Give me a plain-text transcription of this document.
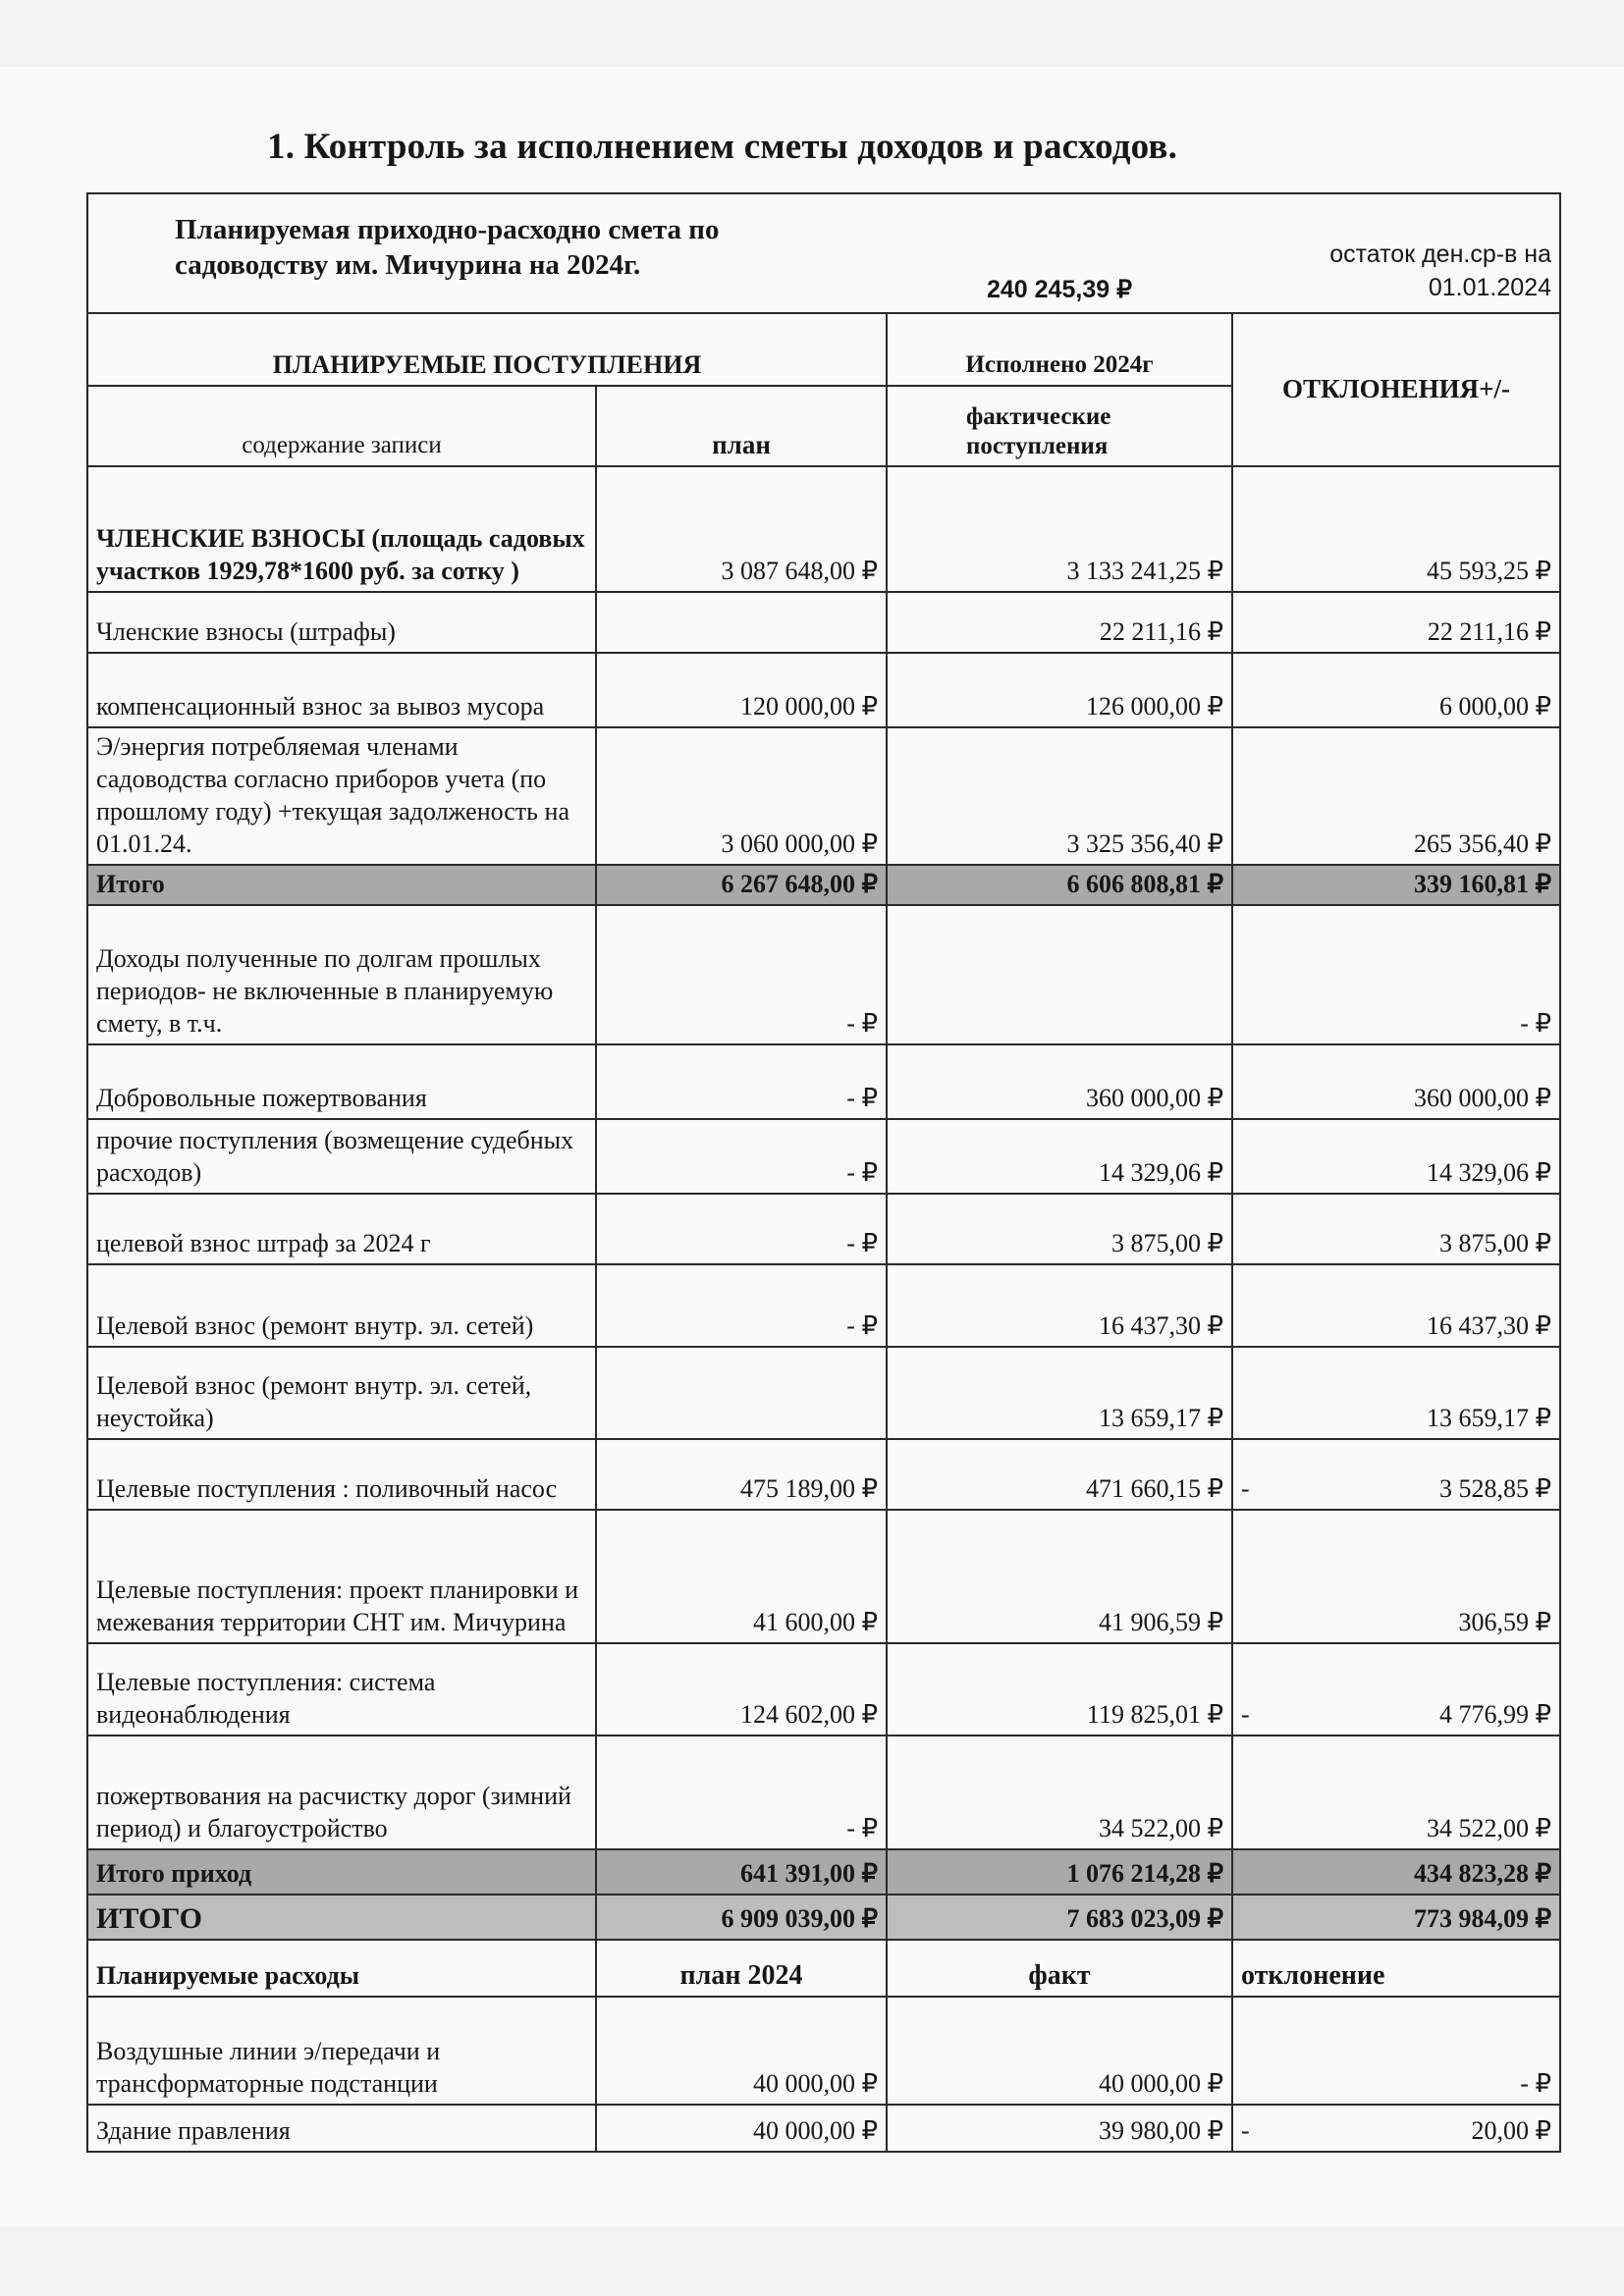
1. Контроль за исполнением сметы доходов и расходов.
Планируемая приходно-расходно смета по садоводству им. Мичурина на 2024г.		240 245,39 ₽	остаток ден.ср-в на 01.01.2024
ПЛАНИРУЕМЫЕ ПОСТУПЛЕНИЯ		Исполнено 2024г	ОТКЛОНЕНИЯ+/-
содержание записи	план	фактические поступления	
ЧЛЕНСКИЕ ВЗНОСЫ (площадь садовых участков 1929,78*1600 руб. за сотку )	3 087 648,00 ₽	3 133 241,25 ₽	45 593,25 ₽
Членские взносы (штрафы)		22 211,16 ₽	22 211,16 ₽
компенсационный взнос за вывоз мусора	120 000,00 ₽	126 000,00 ₽	6 000,00 ₽
Э/энергия потребляемая членами садоводства согласно приборов учета (по прошлому году) +текущая задолженость на 01.01.24.	3 060 000,00 ₽	3 325 356,40 ₽	265 356,40 ₽
Итого	6 267 648,00 ₽	6 606 808,81 ₽	339 160,81 ₽
Доходы полученные по долгам прошлых периодов- не включенные в планируемую смету, в т.ч.	- ₽		- ₽
Добровольные пожертвования	- ₽	360 000,00 ₽	360 000,00 ₽
прочие поступления (возмещение судебных расходов)	- ₽	14 329,06 ₽	14 329,06 ₽
целевой взнос штраф за 2024 г	- ₽	3 875,00 ₽	3 875,00 ₽
Целевой взнос (ремонт внутр. эл. сетей)	- ₽	16 437,30 ₽	16 437,30 ₽
Целевой взнос (ремонт внутр. эл. сетей, неустойка)		13 659,17 ₽	13 659,17 ₽
Целевые поступления : поливочный насос	475 189,00 ₽	471 660,15 ₽	- 3 528,85 ₽
Целевые поступления: проект планировки и межевания территории СНТ им. Мичурина	41 600,00 ₽	41 906,59 ₽	306,59 ₽
Целевые поступления: система видеонаблюдения	124 602,00 ₽	119 825,01 ₽	- 4 776,99 ₽
пожертвования на расчистку дорог (зимний период) и благоустройство	- ₽	34 522,00 ₽	34 522,00 ₽
Итого приход	641 391,00 ₽	1 076 214,28 ₽	434 823,28 ₽
ИТОГО	6 909 039,00 ₽	7 683 023,09 ₽	773 984,09 ₽
Планируемые расходы	план 2024	факт	отклонение
Воздушные линии э/передачи и трансформаторные подстанции	40 000,00 ₽	40 000,00 ₽	- ₽
Здание правления	40 000,00 ₽	39 980,00 ₽	- 20,00 ₽
